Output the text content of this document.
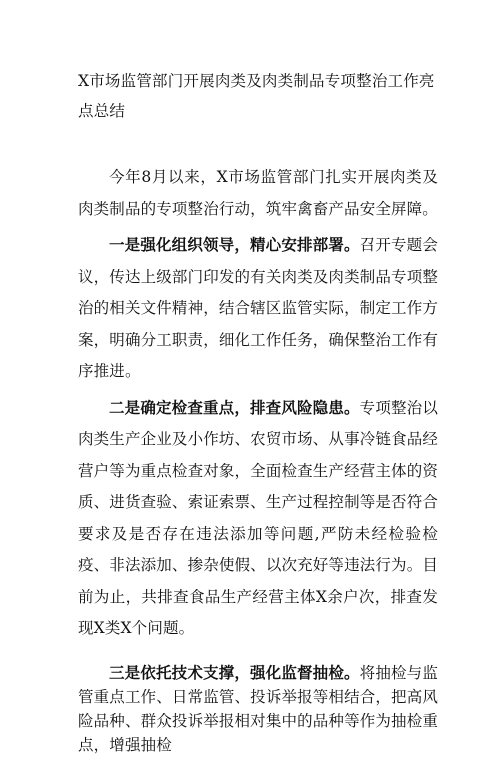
X市场监管部门开展肉类及肉类制品专项整治工作亮点总结

今年8月以来，X市场监管部门扎实开展肉类及肉类制品的专项整治行动，筑牢禽畜产品安全屏障。

一是强化组织领导，精心安排部署。召开专题会议，传达上级部门印发的有关肉类及肉类制品专项整治的相关文件精神，结合辖区监管实际，制定工作方案，明确分工职责，细化工作任务，确保整治工作有序推进。

二是确定检查重点，排查风险隐患。专项整治以肉类生产企业及小作坊、农贸市场、从事冷链食品经营户等为重点检查对象，全面检查生产经营主体的资质、进货查验、索证索票、生产过程控制等是否符合要求及是否存在违法添加等问题,严防未经检验检疫、非法添加、掺杂使假、以次充好等违法行为。目前为止，共排查食品生产经营主体X余户次，排查发现X类X个问题。

三是依托技术支撑，强化监督抽检。将抽检与监管重点工作、日常监管、投诉举报等相结合，把高风险品种、群众投诉举报相对集中的品种等作为抽检重点，增强抽检
